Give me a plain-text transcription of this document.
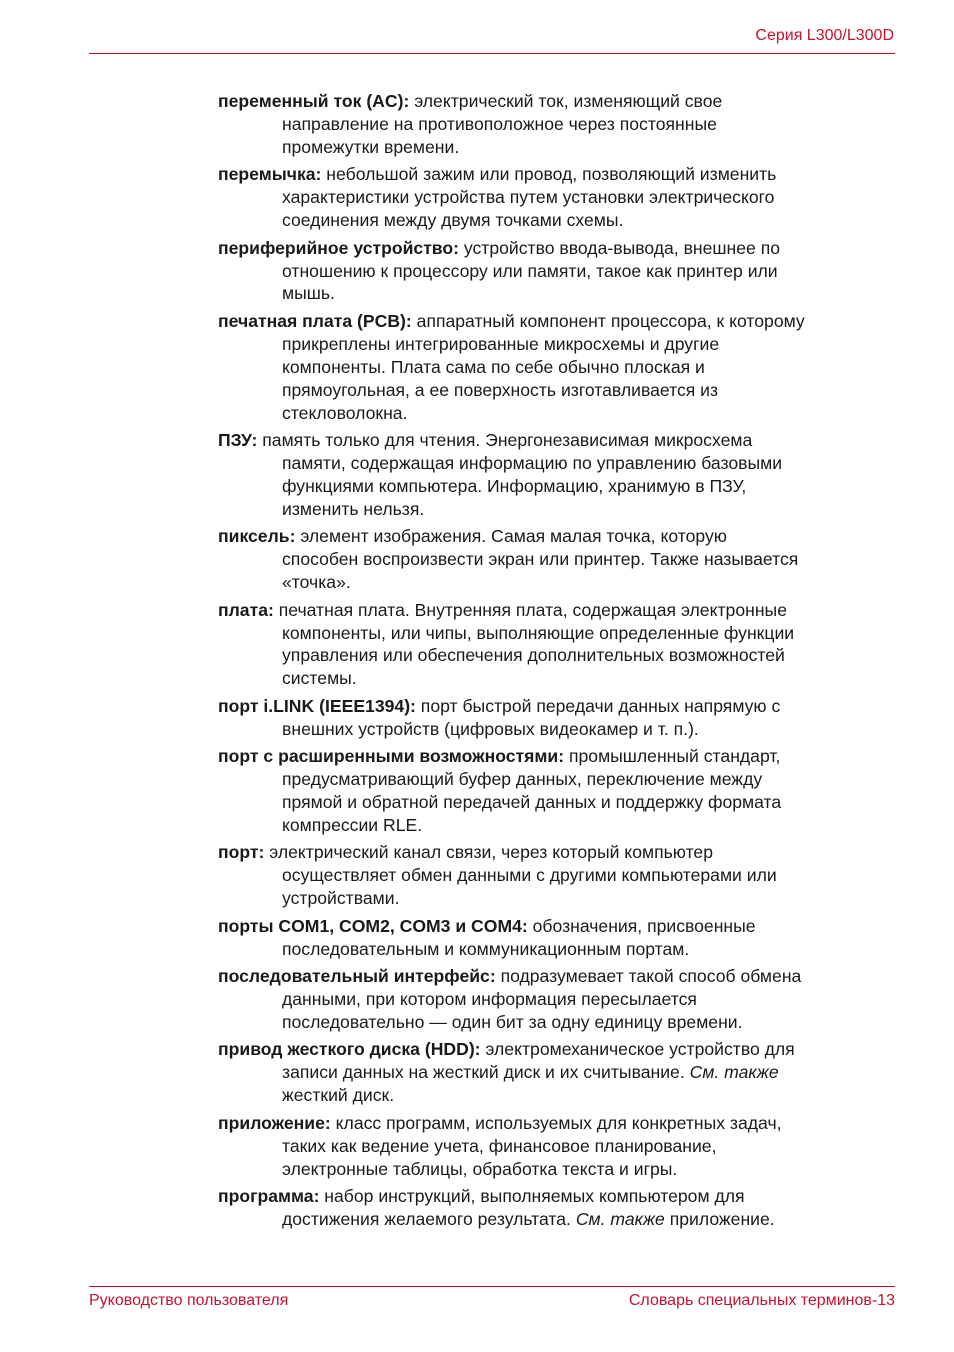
Серия L300/L300D

переменный ток (AC): электрический ток, изменяющий свое
направление на противоположное через постоянные
промежутки времени.

перемычка: небольшой зажим или провод, позволяющий изменить
характеристики устройства путем установки электрического
соединения между двумя точками схемы.

периферийное устройство: устройство ввода-вывода, внешнее по
отношению к процессору или памяти, такое как принтер или
мышь.

печатная плата (PCB): аппаратный компонент процессора, к которому
прикреплены интегрированные микросхемы и другие
компоненты. Плата сама по себе обычно плоская и
прямоугольная, а ее поверхность изготавливается из
стекловолокна.

ПЗУ: память только для чтения. Энергонезависимая микросхема
памяти, содержащая информацию по управлению базовыми
функциями компьютера. Информацию, хранимую в ПЗУ,
изменить нельзя.

пиксель: элемент изображения. Самая малая точка, которую
способен воспроизвести экран или принтер. Также называется
«точка».

плата: печатная плата. Внутренняя плата, содержащая электронные
компоненты, или чипы, выполняющие определенные функции
управления или обеспечения дополнительных возможностей
системы.

порт i.LINK (IEEE1394): порт быстрой передачи данных напрямую с
внешних устройств (цифровых видеокамер и т. п.).

порт с расширенными возможностями: промышленный стандарт,
предусматривающий буфер данных, переключение между
прямой и обратной передачей данных и поддержку формата
компрессии RLE.

порт: электрический канал связи, через который компьютер
осуществляет обмен данными с другими компьютерами или
устройствами.

порты COM1, COM2, COM3 и COM4: обозначения, присвоенные
последовательным и коммуникационным портам.

последовательный интерфейс: подразумевает такой способ обмена
данными, при котором информация пересылается
последовательно — один бит за одну единицу времени.

привод жесткого диска (HDD): электромеханическое устройство для
записи данных на жесткий диск и их считывание. См. также
жесткий диск.

приложение: класс программ, используемых для конкретных задач,
таких как ведение учета, финансовое планирование,
электронные таблицы, обработка текста и игры.

программа: набор инструкций, выполняемых компьютером для
достижения желаемого результата. См. также приложение.

Руководство пользователя	Словарь специальных терминов-13
